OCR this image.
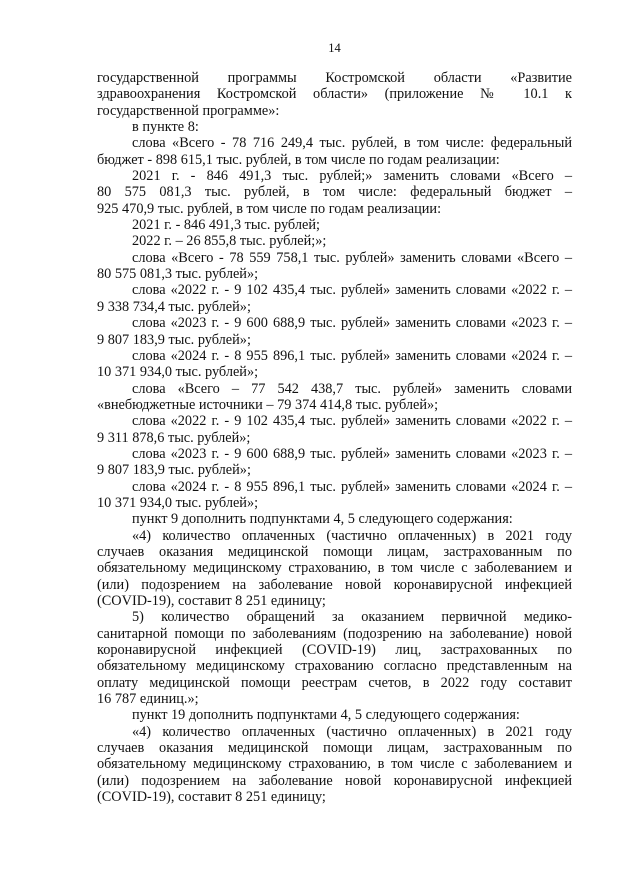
14

государственной программы Костромской области «Развитие

здравоохранения Костромской области» (приложение № 10.1 к

государственной программе»:

в пункте 8:

слова «Всего - 78 716 249,4 тыс. рублей, в том числе: федеральный

бюджет - 898 615,1 тыс. рублей, в том числе по годам реализации:

2021 г. - 846 491,3 тыс. рублей;» заменить словами «Всего –

80 575 081,3 тыс. рублей, в том числе: федеральный бюджет –

925 470,9 тыс. рублей, в том числе по годам реализации:

2021 г. - 846 491,3 тыс. рублей;

2022 г. – 26 855,8 тыс. рублей;»;

слова «Всего - 78 559 758,1 тыс. рублей» заменить словами «Всего –

80 575 081,3 тыс. рублей»;

слова «2022 г. - 9 102 435,4 тыс. рублей» заменить словами «2022 г. –

9 338 734,4 тыс. рублей»;

слова «2023 г. - 9 600 688,9 тыс. рублей» заменить словами «2023 г. –

9 807 183,9 тыс. рублей»;

слова «2024 г. - 8 955 896,1 тыс. рублей» заменить словами «2024 г. –

10 371 934,0 тыс. рублей»;

слова «Всего – 77 542 438,7 тыс. рублей» заменить словами

«внебюджетные источники – 79 374 414,8 тыс. рублей»;

слова «2022 г. - 9 102 435,4 тыс. рублей» заменить словами «2022 г. –

9 311 878,6 тыс. рублей»;

слова «2023 г. - 9 600 688,9 тыс. рублей» заменить словами «2023 г. –

9 807 183,9 тыс. рублей»;

слова «2024 г. - 8 955 896,1 тыс. рублей» заменить словами «2024 г. –

10 371 934,0 тыс. рублей»;

пункт 9 дополнить подпунктами 4, 5 следующего содержания:

«4) количество оплаченных (частично оплаченных) в 2021 году

случаев оказания медицинской помощи лицам, застрахованным по

обязательному медицинскому страхованию, в том числе с заболеванием и

(или) подозрением на заболевание новой коронавирусной инфекцией

(COVID-19), составит 8 251 единицу;

5) количество обращений за оказанием первичной медико-

санитарной помощи по заболеваниям (подозрению на заболевание) новой

коронавирусной инфекцией (COVID-19) лиц, застрахованных по

обязательному медицинскому страхованию согласно представленным на

оплату медицинской помощи реестрам счетов, в 2022 году составит

16 787 единиц.»;

пункт 19 дополнить подпунктами 4, 5 следующего содержания:

«4) количество оплаченных (частично оплаченных) в 2021 году

случаев оказания медицинской помощи лицам, застрахованным по

обязательному медицинскому страхованию, в том числе с заболеванием и

(или) подозрением на заболевание новой коронавирусной инфекцией

(COVID-19), составит 8 251 единицу;
